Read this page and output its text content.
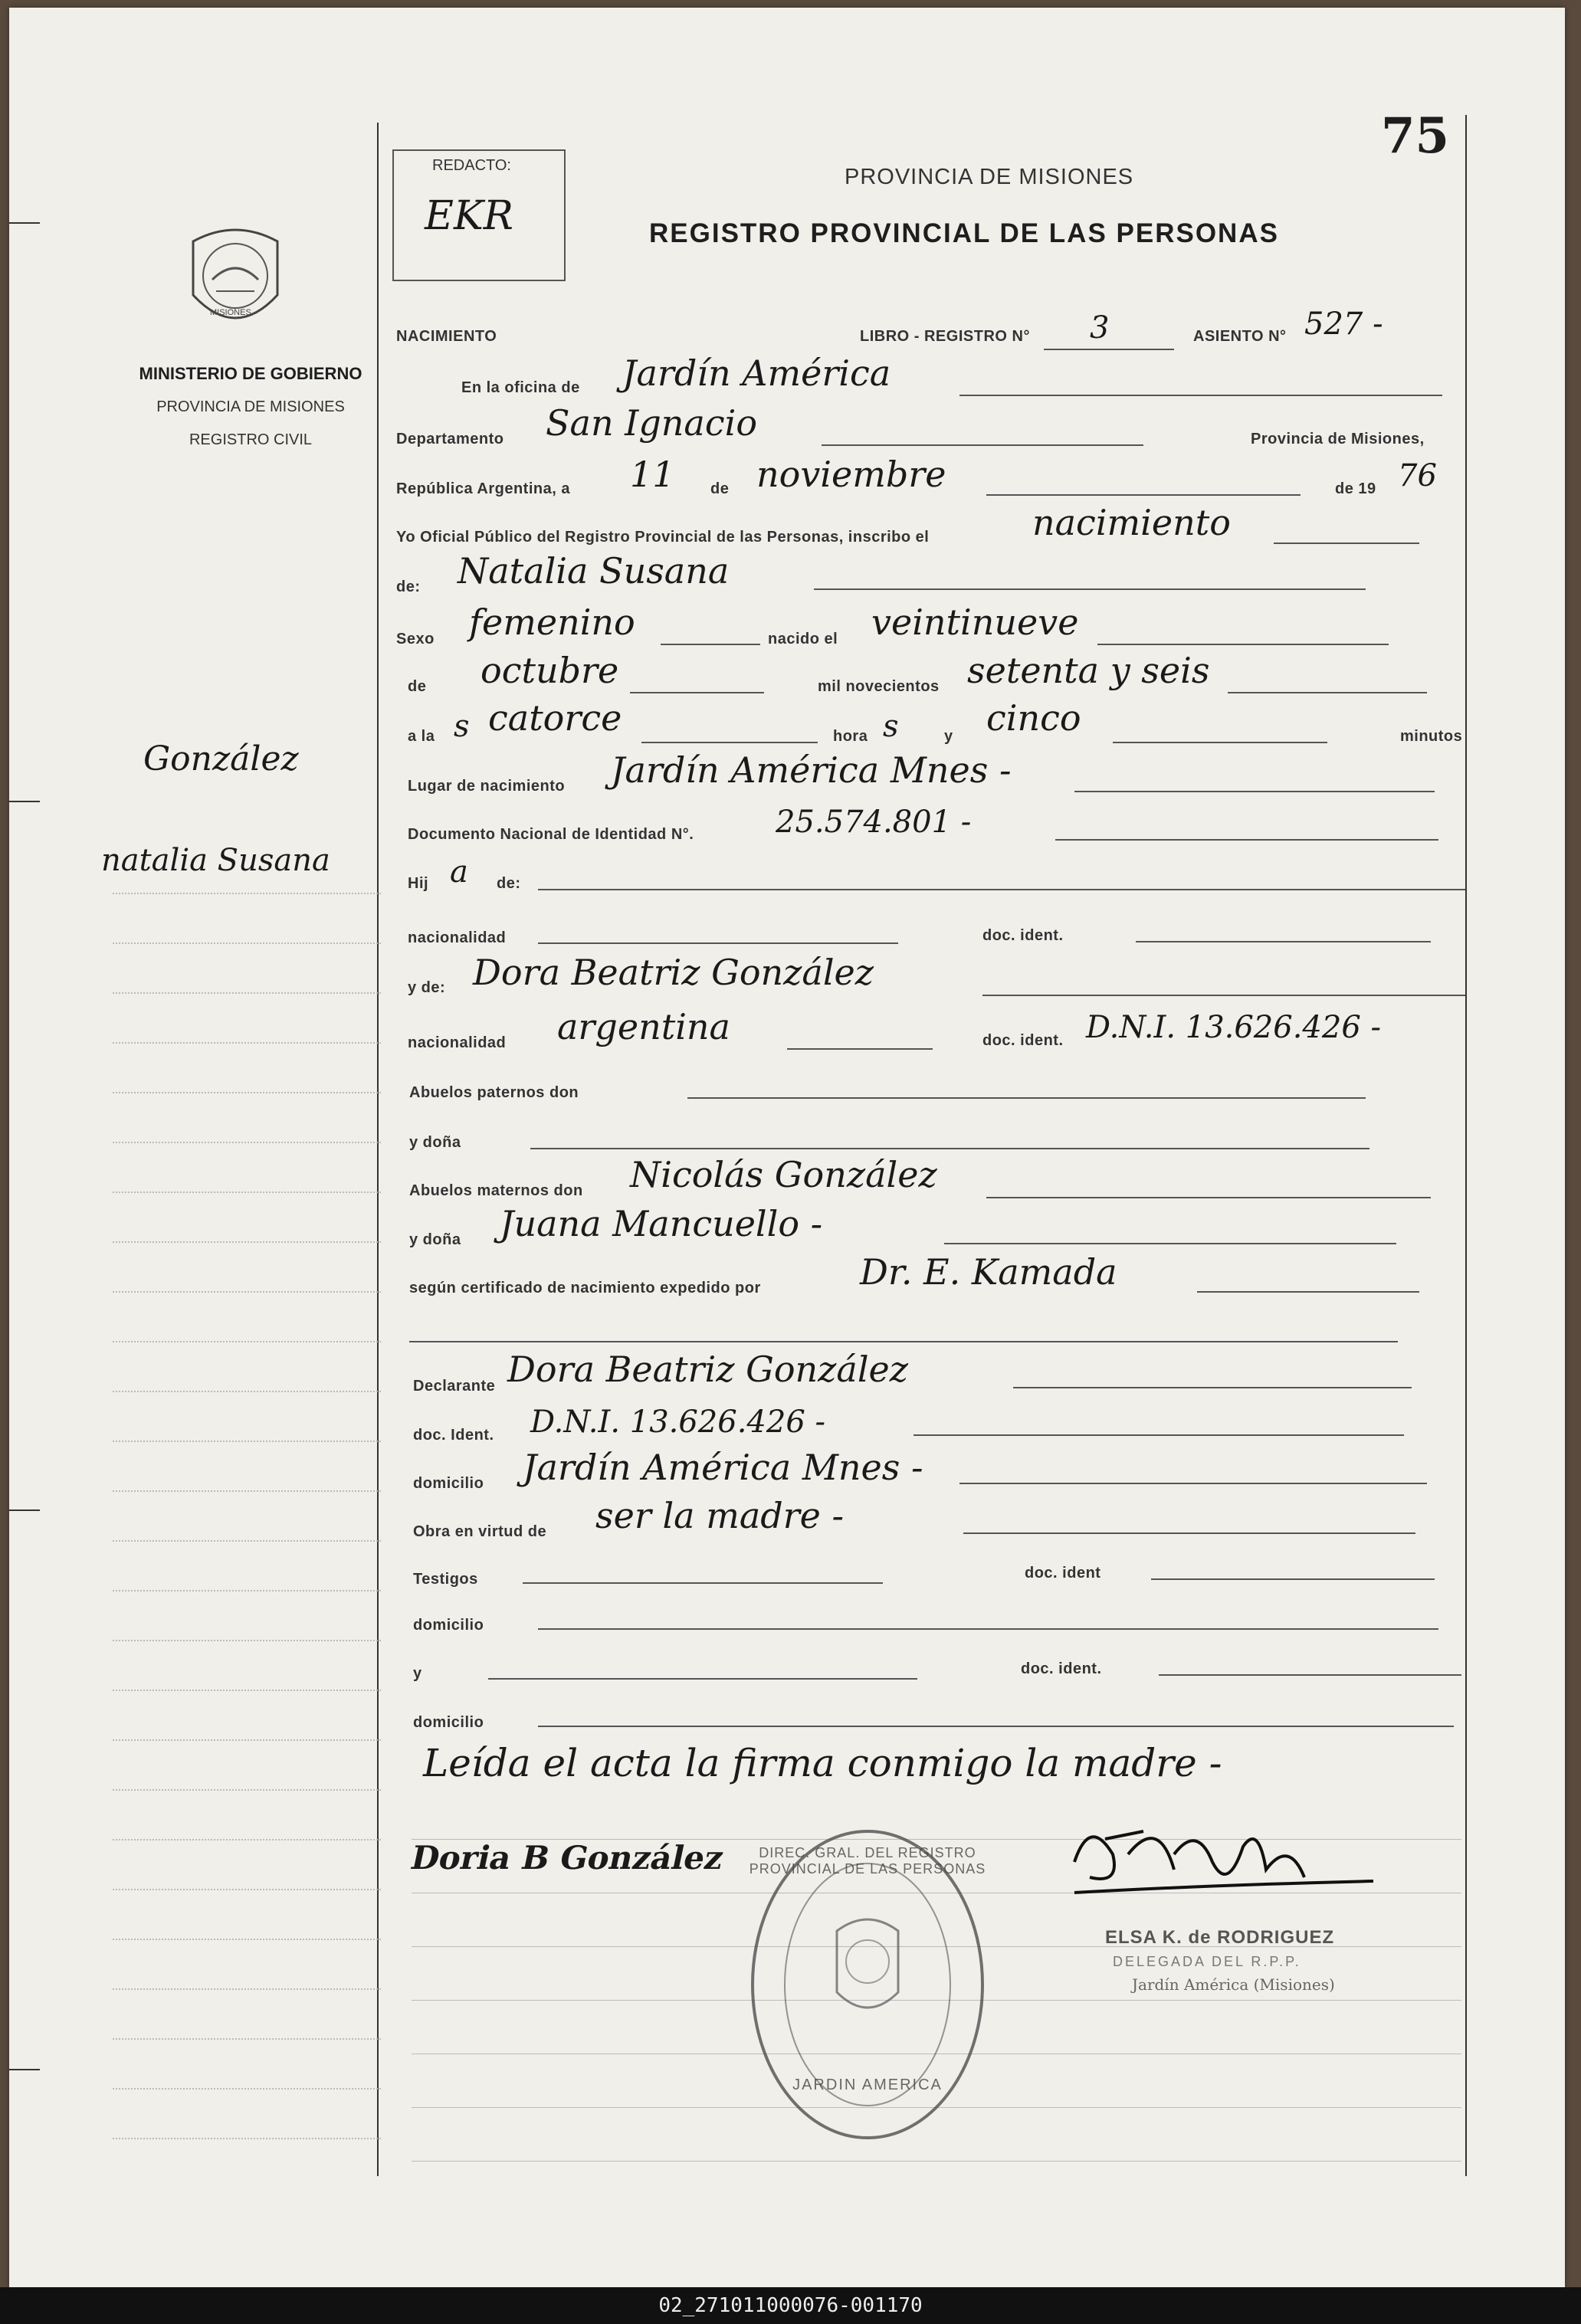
75
REDACTO:
EKR
PROVINCIA DE MISIONES
REGISTRO PROVINCIAL DE LAS PERSONAS
MISIONES
MINISTERIO DE GOBIERNO
PROVINCIA DE MISIONES
REGISTRO CIVIL
González
natalia Susana
NACIMIENTO	LIBRO - REGISTRO N° 3	ASIENTO N° 527 -
En la oficina de Jardín América
Departamento San Ignacio	Provincia de Misiones,
República Argentina, a 11 de noviembre	de 19 76
Yo Oficial Público del Registro Provincial de las Personas, inscribo el	nacimiento
de: Natalia Susana
Sexo femenino	nacido el veintinueve
de octubre	mil novecientos setenta y seis
a la s catorce	hora s	y cinco	minutos
Lugar de nacimiento Jardín América Mnes -
Documento Nacional de Identidad N°.	25.574.801 -
Hij a de:
nacionalidad	doc. ident.
y de: Dora Beatriz González
nacionalidad argentina	doc. ident. D.N.I. 13.626.426 -
Abuelos paternos don
y doña
Abuelos maternos don Nicolás González
y doña Juana Mancuello -
según certificado de nacimiento expedido por	Dr. E. Kamada
Declarante Dora Beatriz González
doc. Ident. D.N.I. 13.626.426 -
domicilio Jardín América Mnes -
Obra en virtud de ser la madre -
Testigos	doc. ident
domicilio
y	doc. ident.
domicilio
Leída el acta la firma conmigo la madre -
Doria B González	DIREC. GRAL. DEL REGISTRO PROVINCIAL DE LAS PERSONAS
JARDIN AMERICA
ELSA K. de RODRIGUEZ
DELEGADA DEL R.P.P.
Jardín América (Misiones)
02_271011000076-001170
